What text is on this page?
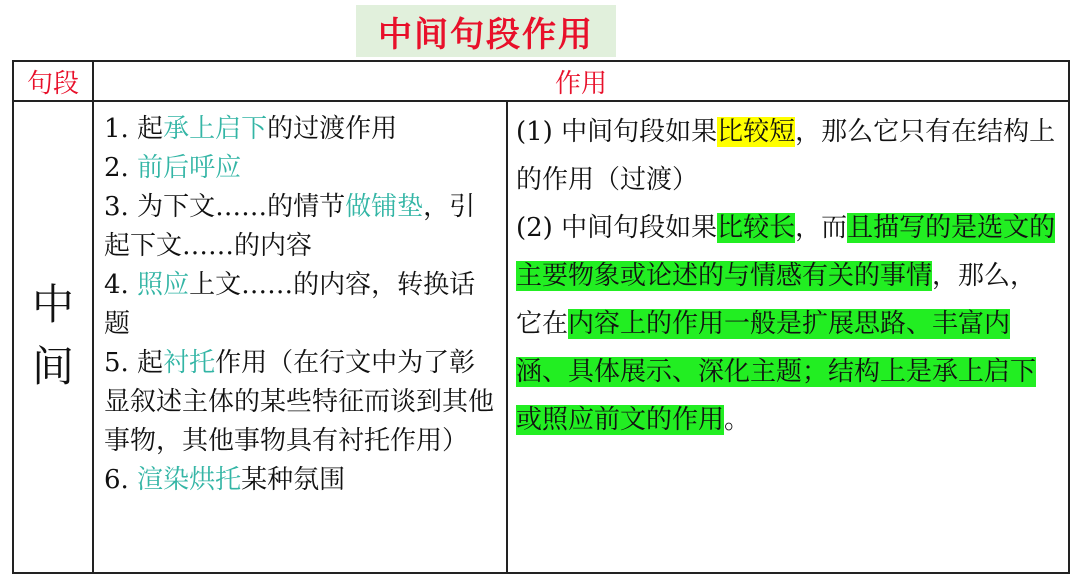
中间句段作用
句段	作用
中间
1. 起承上启下的过渡作用
2. 前后呼应
3. 为下文……的情节做铺垫，引起下文……的内容
4. 照应上文……的内容，转换话题
5. 起衬托作用（在行文中为了彰显叙述主体的某些特征而谈到其他事物，其他事物具有衬托作用）
6. 渲染烘托某种氛围
(1) 中间句段如果比较短，那么它只有在结构上的作用（过渡）
(2) 中间句段如果比较长，而且描写的是选文的主要物象或论述的与情感有关的事情，那么，它在内容上的作用一般是扩展思路、丰富内涵、具体展示、深化主题；结构上是承上启下或照应前文的作用。
